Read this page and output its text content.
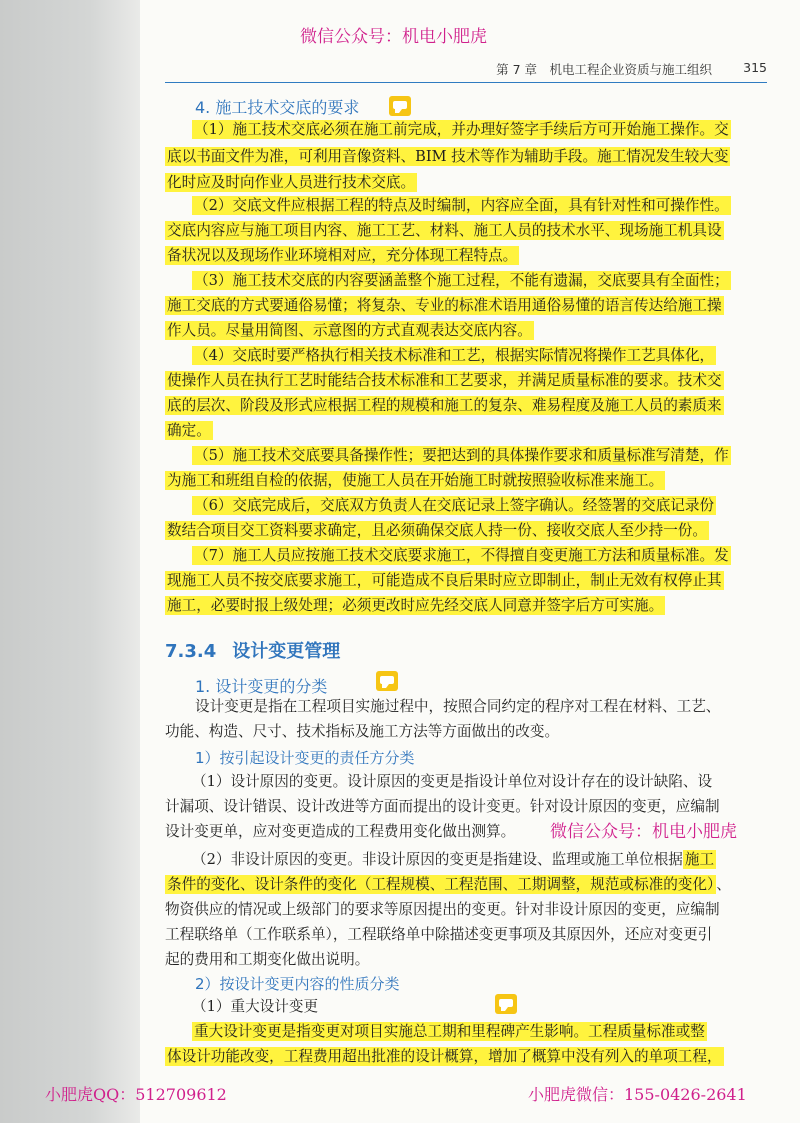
微信公众号：机电小肥虎
第 7 章　机电工程企业资质与施工组织 315
4. 施工技术交底的要求
（1）施工技术交底必须在施工前完成，并办理好签字手续后方可开始施工操作。交
底以书面文件为准，可利用音像资料、BIM 技术等作为辅助手段。施工情况发生较大变
化时应及时向作业人员进行技术交底。
（2）交底文件应根据工程的特点及时编制，内容应全面，具有针对性和可操作性。
交底内容应与施工项目内容、施工工艺、材料、施工人员的技术水平、现场施工机具设
备状况以及现场作业环境相对应，充分体现工程特点。
（3）施工技术交底的内容要涵盖整个施工过程，不能有遗漏，交底要具有全面性；
施工交底的方式要通俗易懂；将复杂、专业的标准术语用通俗易懂的语言传达给施工操
作人员。尽量用简图、示意图的方式直观表达交底内容。
（4）交底时要严格执行相关技术标准和工艺，根据实际情况将操作工艺具体化，
使操作人员在执行工艺时能结合技术标准和工艺要求，并满足质量标准的要求。技术交
底的层次、阶段及形式应根据工程的规模和施工的复杂、难易程度及施工人员的素质来
确定。
（5）施工技术交底要具备操作性；要把达到的具体操作要求和质量标准写清楚，作
为施工和班组自检的依据，使施工人员在开始施工时就按照验收标准来施工。
（6）交底完成后，交底双方负责人在交底记录上签字确认。经签署的交底记录份
数结合项目交工资料要求确定，且必须确保交底人持一份、接收交底人至少持一份。
（7）施工人员应按施工技术交底要求施工，不得擅自变更施工方法和质量标准。发
现施工人员不按交底要求施工，可能造成不良后果时应立即制止，制止无效有权停止其
施工，必要时报上级处理；必须更改时应先经交底人同意并签字后方可实施。
7.3.4 设计变更管理
1. 设计变更的分类
设计变更是指在工程项目实施过程中，按照合同约定的程序对工程在材料、工艺、
功能、构造、尺寸、技术指标及施工方法等方面做出的改变。
1）按引起设计变更的责任方分类
（1）设计原因的变更。设计原因的变更是指设计单位对设计存在的设计缺陷、设
计漏项、设计错误、设计改进等方面而提出的设计变更。针对设计原因的变更，应编制
设计变更单，应对变更造成的工程费用变化做出测算。 微信公众号：机电小肥虎
（2）非设计原因的变更。非设计原因的变更是指建设、监理或施工单位根据 施工
条件的变化、设计条件的变化（工程规模、工程范围、工期调整，规范或标准的变化） 、
物资供应的情况或上级部门的要求等原因提出的变更。针对非设计原因的变更，应编制
工程联络单（工作联系单），工程联络单中除描述变更事项及其原因外，还应对变更引
起的费用和工期变化做出说明。
2）按设计变更内容的性质分类
（1）重大设计变更
重大设计变更是指变更对项目实施总工期和里程碑产生影响。工程质量标准或整
体设计功能改变，工程费用超出批准的设计概算，增加了概算中没有列入的单项工程，
小肥虎QQ：512709612	小肥虎微信：155-0426-2641
